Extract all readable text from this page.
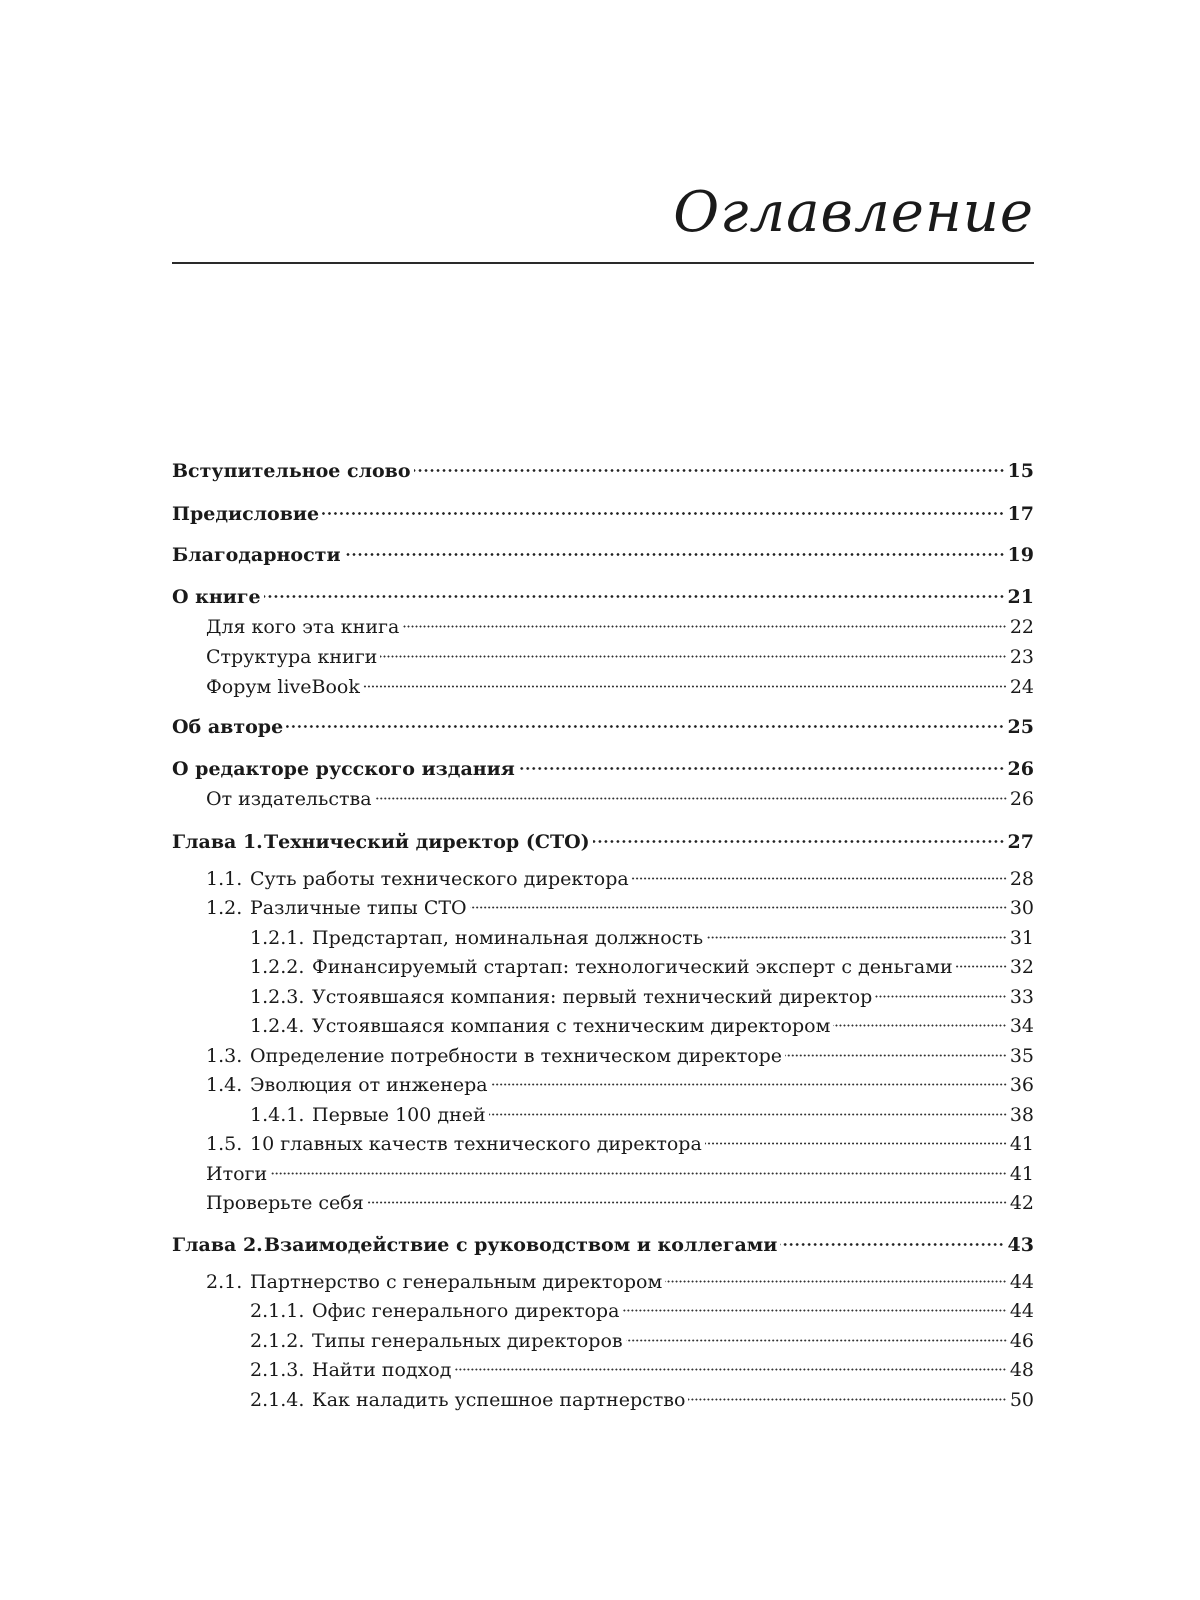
Оглавление
Вступительное слово	15
Предисловие	17
Благодарности	19
О книге	21
Для кого эта книга	22
Структура книги	23
Форум liveBook	24
Об авторе	25
О редакторе русского издания	26
От издательства	26
Глава 1. Технический директор (CTO)	27
1.1. Суть работы технического директора	28
1.2. Различные типы CTO	30
1.2.1. Предстартап, номинальная должность	31
1.2.2. Финансируемый стартап: технологический эксперт с деньгами	32
1.2.3. Устоявшаяся компания: первый технический директор	33
1.2.4. Устоявшаяся компания с техническим директором	34
1.3. Определение потребности в техническом директоре	35
1.4. Эволюция от инженера	36
1.4.1. Первые 100 дней	38
1.5. 10 главных качеств технического директора	41
Итоги	41
Проверьте себя	42
Глава 2. Взаимодействие с руководством и коллегами	43
2.1. Партнерство с генеральным директором	44
2.1.1. Офис генерального директора	44
2.1.2. Типы генеральных директоров	46
2.1.3. Найти подход	48
2.1.4. Как наладить успешное партнерство	50
